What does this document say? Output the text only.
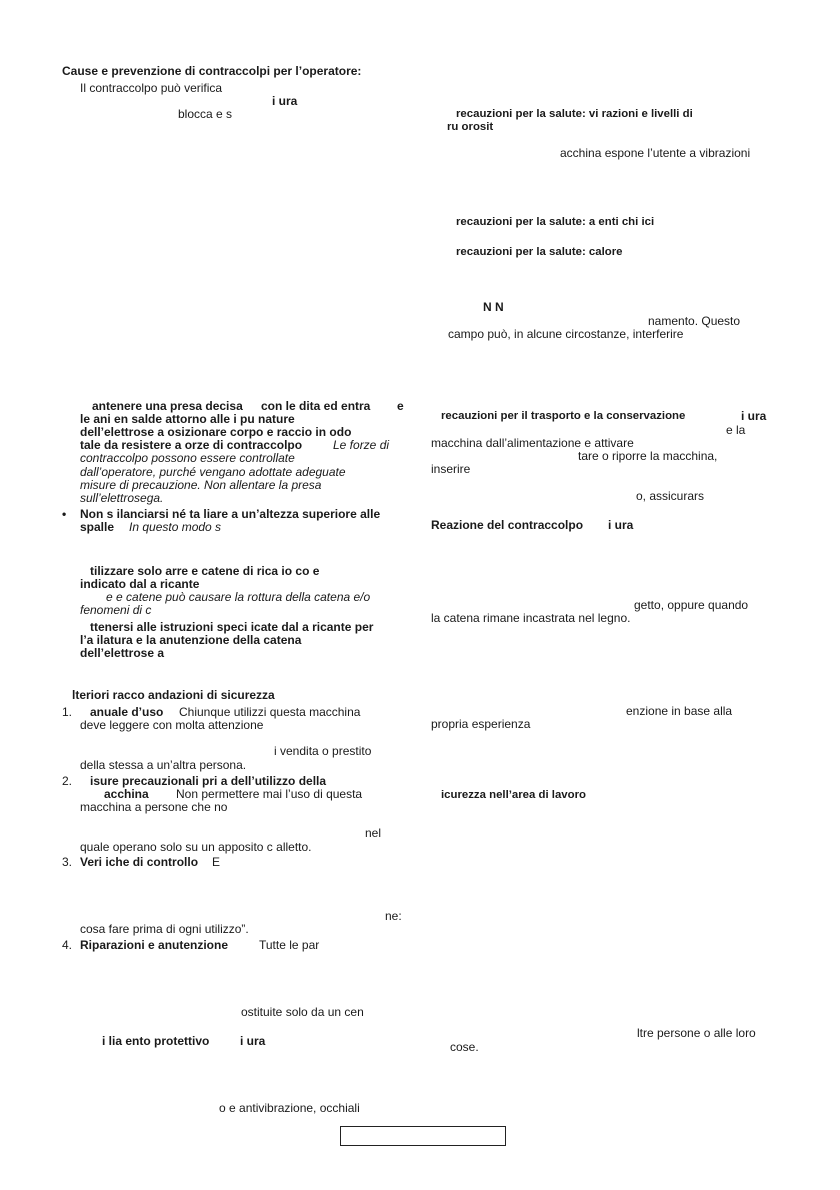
Cause e prevenzione di contraccolpi per l’operatore:
Il contraccolpo può verifica
i ura
blocca e s
antenere una presa decisa con le dita ed entra e
le ani en salde attorno alle i pu nature
dell’elettrose a osizionare corpo e raccio in odo
tale da resistere a orze di contraccolpo	Le forze di
contraccolpo possono essere controllate
dall’operatore, purché vengano adottate adeguate
misure di precauzione. Non allentare la presa
sull’elettrosega.
• Non s ilanciarsi né ta liare a un’altezza superiore alle
spalle In questo modo s
tilizzare solo arre e catene di rica io co e
indicato dal a ricante
e e catene può causare la rottura della catena e/o
fenomeni di c
ttenersi alle istruzioni speci icate dal a ricante per
l’a ilatura e la anutenzione della catena
dell’elettrose a
lteriori racco andazioni di sicurezza
1. anuale d’uso Chiunque utilizzi questa macchina
deve leggere con molta attenzione
i vendita o prestito
della stessa a un’altra persona.
2. isure precauzionali pri a dell’utilizzo della
acchina Non permettere mai l’uso di questa
macchina a persone che no
nel
quale operano solo su un apposito c alletto.
3. Veri iche di controllo E
ne:
cosa fare prima di ogni utilizzo”.
4. Riparazioni e anutenzione	Tutte le par
ostituite solo da un cen
i lia ento protettivo	i ura
o e antivibrazione, occhiali
recauzioni per la salute: vi razioni e livelli di
ru orosit
acchina espone l’utente a vibrazioni
recauzioni per la salute: a enti chi ici
recauzioni per la salute: calore
N N
namento. Questo
campo può, in alcune circostanze, interferire
recauzioni per il trasporto e la conservazione	i ura
e la
macchina dall’alimentazione e attivare
tare o riporre la macchina,
inserire
o, assicurars
Reazione del contraccolpo i ura
getto, oppure quando
la catena rimane incastrata nel legno.
enzione in base alla
propria esperienza
icurezza nell’area di lavoro
ltre persone o alle loro
cose.
